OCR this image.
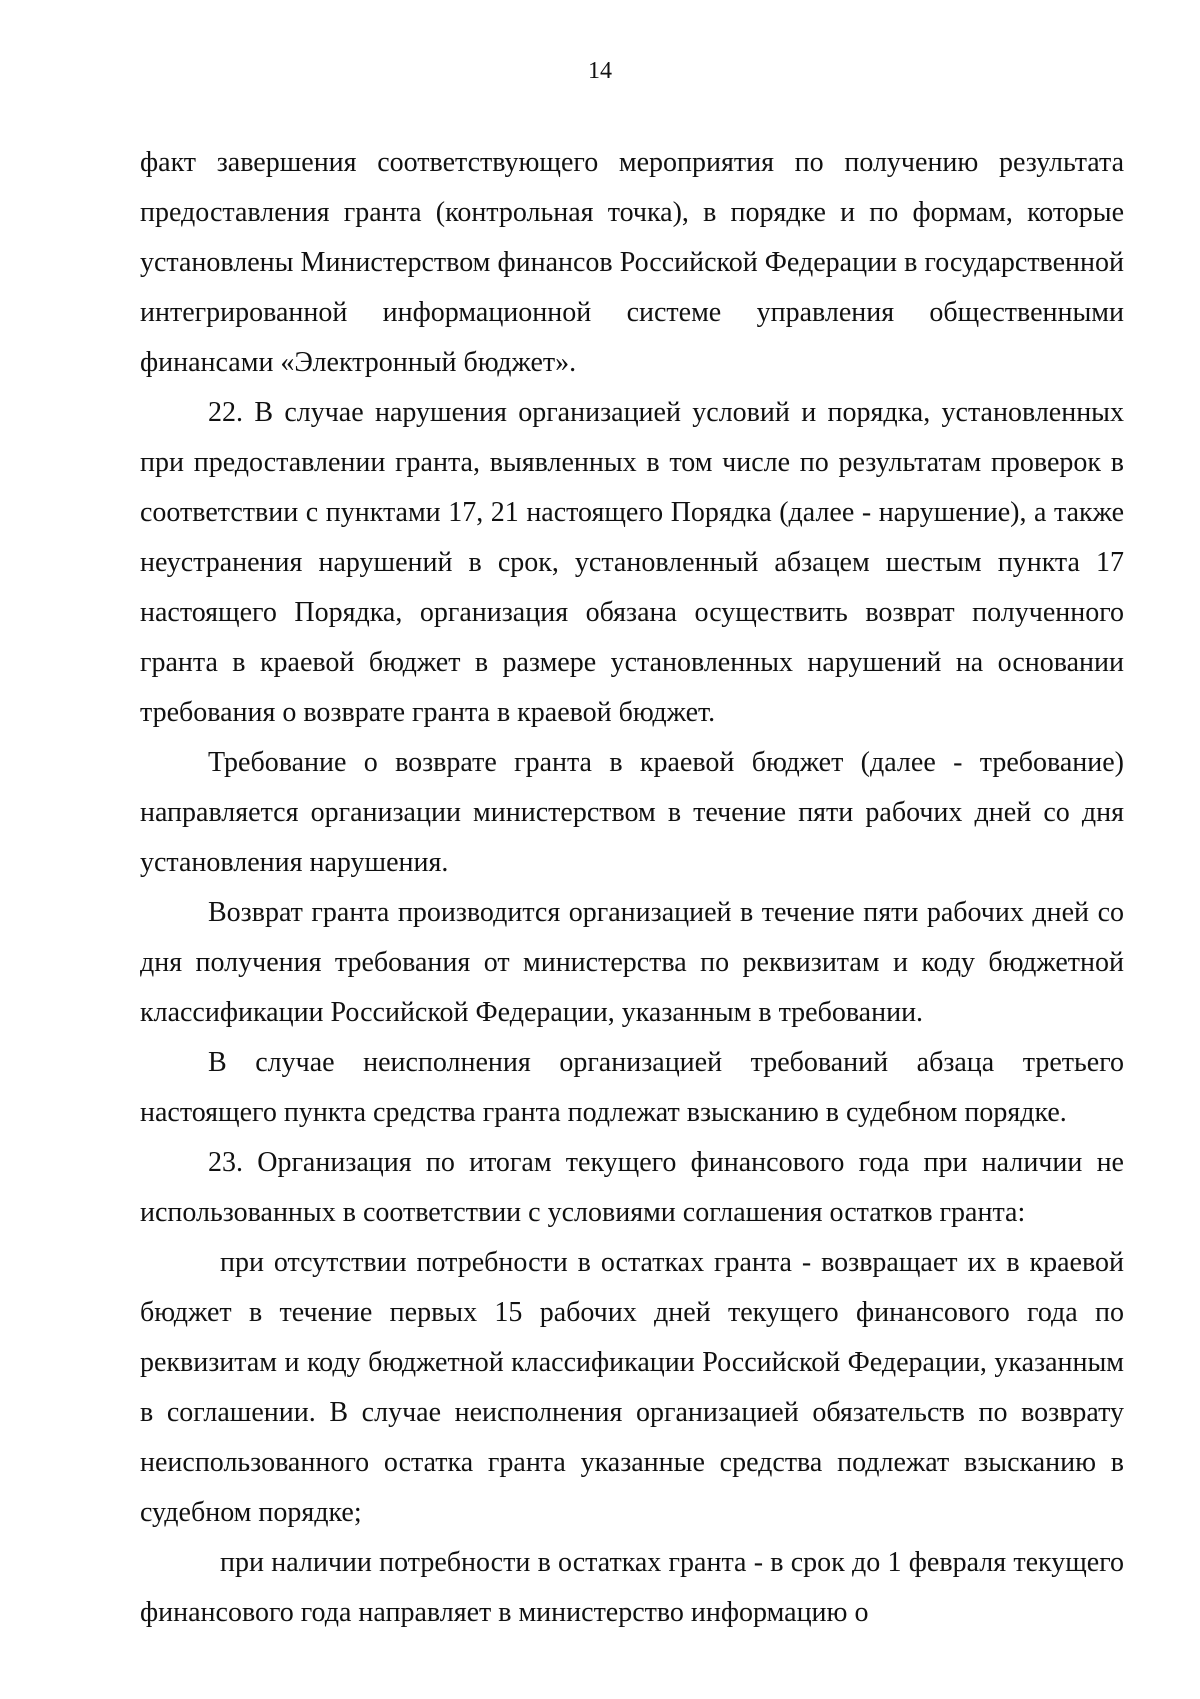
14

факт завершения соответствующего мероприятия по получению результата предоставления гранта (контрольная точка), в порядке и по формам, которые установлены Министерством финансов Российской Федерации в государственной интегрированной информационной системе управления общественными финансами «Электронный бюджет».

22. В случае нарушения организацией условий и порядка, установленных при предоставлении гранта, выявленных в том числе по результатам проверок в соответствии с пунктами 17, 21 настоящего Порядка (далее - нарушение), а также неустранения нарушений в срок, установленный абзацем шестым пункта 17 настоящего Порядка, организация обязана осуществить возврат полученного гранта в краевой бюджет в размере установленных нарушений на основании требования о возврате гранта в краевой бюджет.

Требование о возврате гранта в краевой бюджет (далее - требование) направляется организации министерством в течение пяти рабочих дней со дня установления нарушения.

Возврат гранта производится организацией в течение пяти рабочих дней со дня получения требования от министерства по реквизитам и коду бюджетной классификации Российской Федерации, указанным в требовании.

В случае неисполнения организацией требований абзаца третьего настоящего пункта средства гранта подлежат взысканию в судебном порядке.

23. Организация по итогам текущего финансового года при наличии не использованных в соответствии с условиями соглашения остатков гранта:

при отсутствии потребности в остатках гранта - возвращает их в краевой бюджет в течение первых 15 рабочих дней текущего финансового года по реквизитам и коду бюджетной классификации Российской Федерации, указанным в соглашении. В случае неисполнения организацией обязательств по возврату неиспользованного остатка гранта указанные средства подлежат взысканию в судебном порядке;

при наличии потребности в остатках гранта - в срок до 1 февраля текущего финансового года направляет в министерство информацию о
